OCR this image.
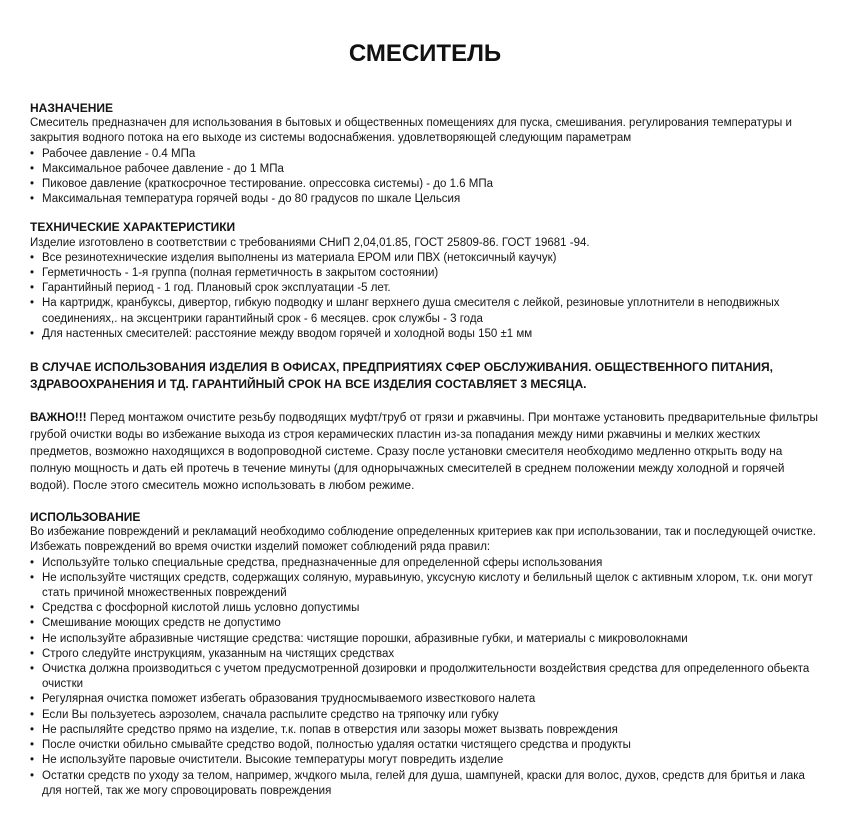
СМЕСИТЕЛЬ
НАЗНАЧЕНИЕ

Смеситель предназначен для использования в бытовых и общественных помещениях для пуска, смешивания. регулирования температуры и закрытия водного потока на его выходе из системы водоснабжения. удовлетворяющей следующим параметрам

• Рабочее давление - 0.4 МПа
• Максимальное рабочее давление - до 1 МПа
• Пиковое давление (краткосрочное тестирование. опрессовка системы) - до 1.6 МПа
• Максимальная температура горячей воды - до 80 градусов по шкале Цельсия
ТЕХНИЧЕСКИЕ ХАРАКТЕРИСТИКИ

Изделие изготовлено в соответствии с требованиями СНиП 2,04,01.85, ГОСТ 25809-86. ГОСТ 19681 -94.

• Все резинотехнические изделия выполнены из материала ЕРОМ или ПВХ (нетоксичный каучук)
• Герметичность - 1-я группа (полная герметичность в закрытом состоянии)
• Гарантийный период - 1 год. Плановый срок эксплуатации -5 лет.
• На картридж, кранбуксы, дивертор, гибкую подводку и шланг верхнего душа смесителя с лейкой, резиновые уплотнители в неподвижных соединениях,. на эксцентрики гарантийный срок - 6 месяцев. срок службы - 3 года
• Для настенных смесителей: расстояние между вводом горячей и холодной воды 150 ±1 мм

В СЛУЧАЕ ИСПОЛЬЗОВАНИЯ ИЗДЕЛИЯ В ОФИСАХ, ПРЕДПРИЯТИЯХ СФЕР ОБСЛУЖИВАНИЯ. ОБЩЕСТВЕННОГО ПИТАНИЯ, ЗДРАВООХРАНЕНИЯ И ТД. ГАРАНТИЙНЫЙ СРОК НА ВСЕ ИЗДЕЛИЯ СОСТАВЛЯЕТ 3 МЕСЯЦА.

ВАЖНО!!! Перед монтажом очистите резьбу подводящих муфт/труб от грязи и ржавчины. При монтаже установить предварительные фильтры грубой очистки воды во избежание выхода из строя керамических пластин из-за попадания между ними ржавчины и мелких жестких предметов, возможно находящихся в водопроводной системе. Сразу после установки смесителя необходимо медленно открыть воду на полную мощность и дать ей протечь в течение минуты (для однорычажных смесителей в среднем положении между холодной и горячей водой). После этого смеситель можно использовать в любом режиме.

ИСПОЛЬЗОВАНИЕ

Во избежание повреждений и рекламаций необходимо соблюдение определенных критериев как при использовании, так и последующей очистке. Избежать повреждений во время очистки изделий поможет соблюдений ряда правил:

• Используйте только специальные средства, предназначенные для определенной сферы использования
• Не используйте чистящих средств, содержащих соляную, муравьиную, уксусную кислоту и белильный щелок с активным хлором, т.к. они могут стать причиной множественных повреждений
• Средства с фосфорной кислотой лишь условно допустимы
• Смешивание моющих средств не допустимо
• Не используйте абразивные чистящие средства: чистящие порошки, абразивные губки, и материалы с микроволокнами
• Строго следуйте инструкциям, указанным на чистящих средствах
• Очистка должна производиться с учетом предусмотренной дозировки и продолжительности воздействия средства для определенного обьекта очистки
• Регулярная очистка поможет избегать образования трудносмываемого известкового налета
• Если Вы пользуетесь аэрозолем, сначала распылите средство на тряпочку или губку
• Не распыляйте средство прямо на изделие, т.к. попав в отверстия или зазоры может вызвать повреждения
• После очистки обильно смывайте средство водой, полностью удаляя остатки чистящего средства и продукты
• Не используйте паровые очистители. Высокие температуры могут повредить изделие
• Остатки средств по уходу за телом, например, жчдкого мыла, гелей для душа, шампуней, краски для волос, духов, средств для бритья и лака для ногтей, так же могу спровоцировать повреждения
